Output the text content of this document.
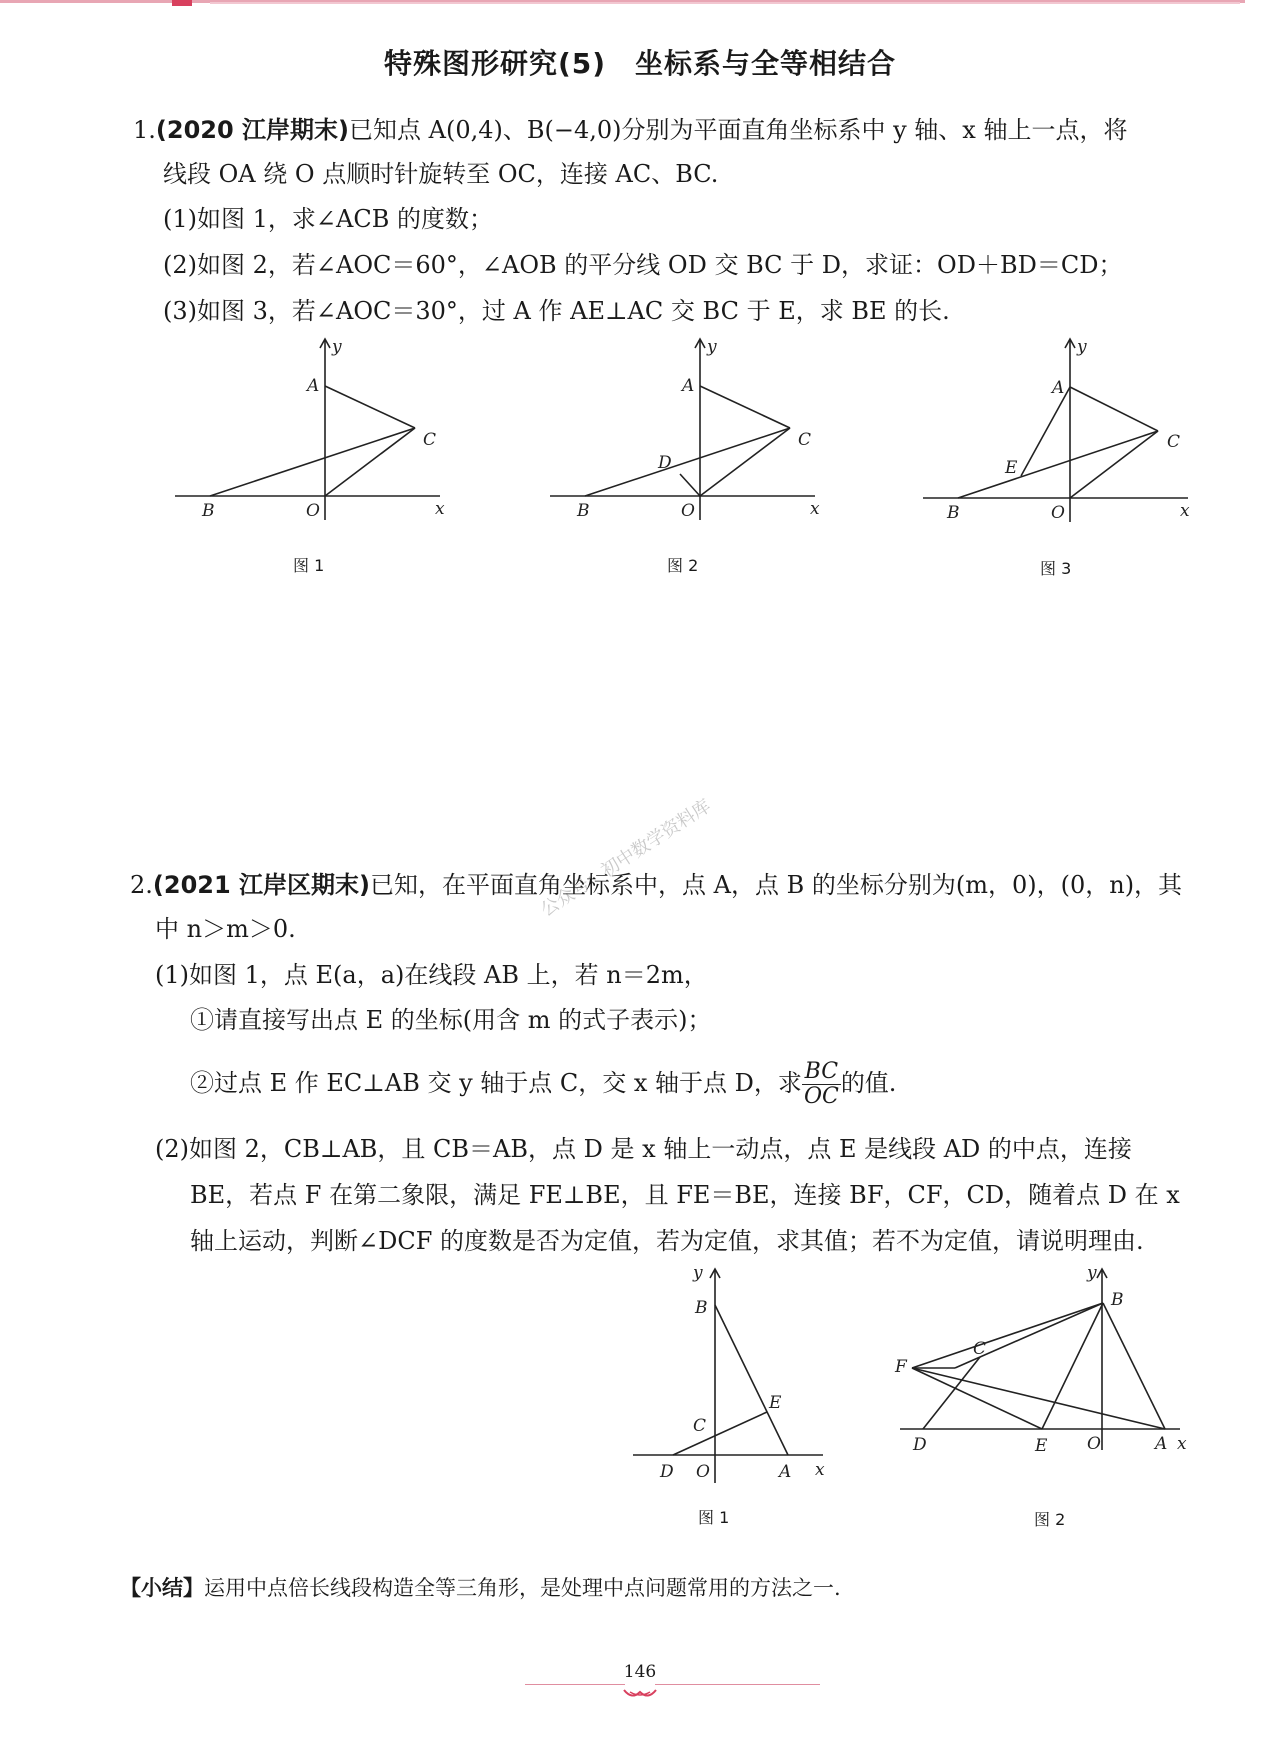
特殊图形研究(5)　坐标系与全等相结合
1.(2020 江岸期末)已知点 A(0,4)、B(−4,0)分别为平面直角坐标系中 y 轴、x 轴上一点，将
线段 OA 绕 O 点顺时针旋转至 OC，连接 AC、BC.
(1)如图 1，求∠ACB 的度数；
(2)如图 2，若∠AOC＝60°，∠AOB 的平分线 OD 交 BC 于 D，求证：OD＋BD＝CD；
(3)如图 3，若∠AOC＝30°，过 A 作 AE⊥AC 交 BC 于 E，求 BE 的长.
y
A
C
B	O	x
图 1
y
A
C
D
B	O	x
图 2
y
A
C
E
B	O	x
图 3
公众号：初中数学资料库
2.(2021 江岸区期末)已知，在平面直角坐标系中，点 A，点 B 的坐标分别为(m，0)，(0，n)，其
中 n＞m＞0.
(1)如图 1，点 E(a，a)在线段 AB 上，若 n＝2m，
①请直接写出点 E 的坐标(用含 m 的式子表示)；
②过点 E 作 EC⊥AB 交 y 轴于点 C，交 x 轴于点 D，求 $\frac{BC}{OC}$ 的值.
(2)如图 2，CB⊥AB，且 CB＝AB，点 D 是 x 轴上一动点，点 E 是线段 AD 的中点，连接
BE，若点 F 在第二象限，满足 FE⊥BE，且 FE＝BE，连接 BF，CF，CD，随着点 D 在 x
轴上运动，判断∠DCF 的度数是否为定值，若为定值，求其值；若不为定值，请说明理由.
y
B
E
C
D O	A x
图 1
y
B
F
C
D	E O	A x
图 2
【小结】运用中点倍长线段构造全等三角形，是处理中点问题常用的方法之一.
146
